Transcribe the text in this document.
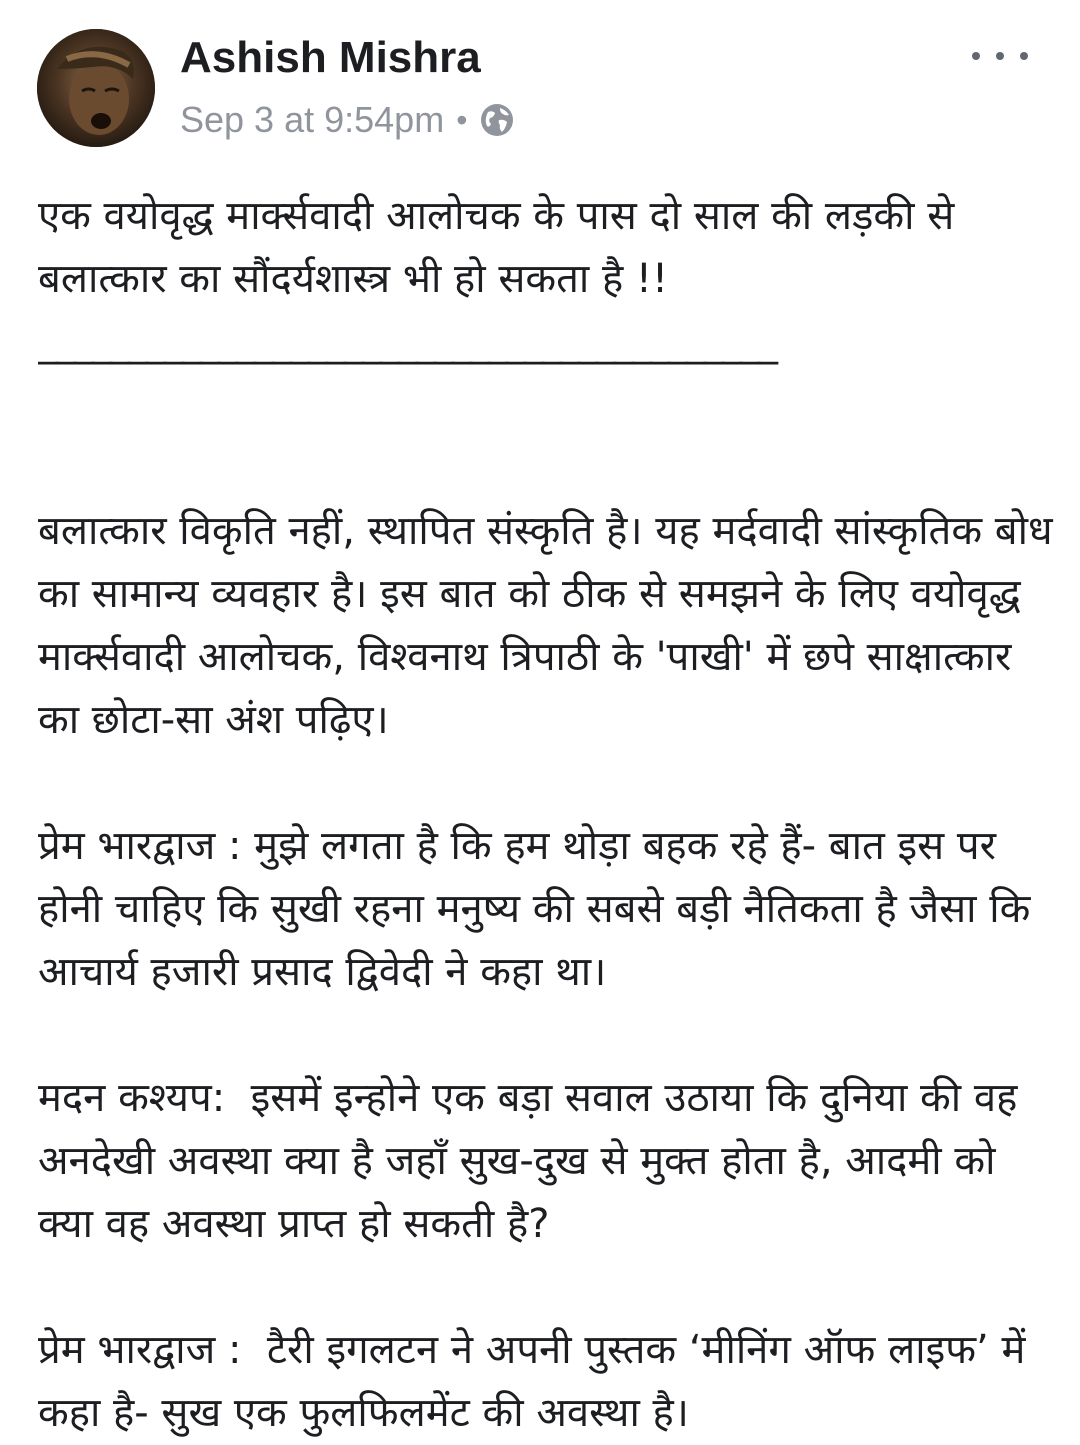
Ashish Mishra
Sep 3 at 9:54pm •

एक वयोवृद्ध मार्क्सवादी आलोचक के पास दो साल की लड़की से बलात्कार का सौंदर्यशास्त्र भी हो सकता है !!

_________________________________________

बलात्कार विकृति नहीं, स्थापित संस्कृति है। यह मर्दवादी सांस्कृतिक बोध का सामान्य व्यवहार है। इस बात को ठीक से समझने के लिए वयोवृद्ध मार्क्सवादी आलोचक, विश्वनाथ त्रिपाठी के 'पाखी' में छपे साक्षात्कार का छोटा-सा अंश पढ़िए।

प्रेम भारद्वाज : मुझे लगता है कि हम थोड़ा बहक रहे हैं- बात इस पर होनी चाहिए कि सुखी रहना मनुष्य की सबसे बड़ी नैतिकता है जैसा कि आचार्य हजारी प्रसाद द्विवेदी ने कहा था।

मदन कश्यप:  इसमें इन्होने एक बड़ा सवाल उठाया कि दुनिया की वह अनदेखी अवस्था क्या है जहाँ सुख-दुख से मुक्त होता है, आदमी को क्या वह अवस्था प्राप्त हो सकती है?

प्रेम भारद्वाज :  टैरी इगलटन ने अपनी पुस्तक ‘मीनिंग ऑफ लाइफ’ में कहा है- सुख एक फुलफिलमेंट की अवस्था है।
